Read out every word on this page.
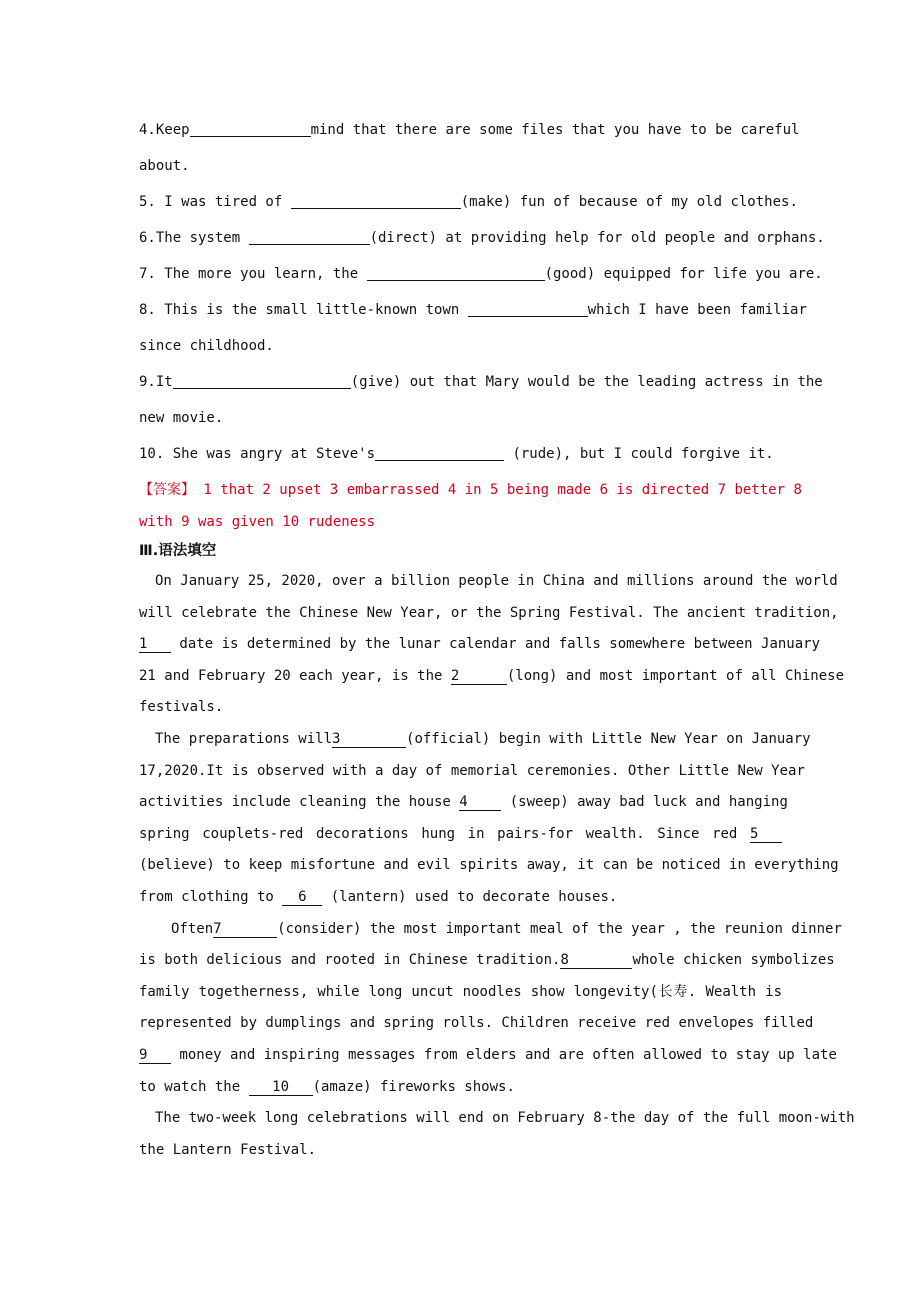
4.Keep	mind that there are some files that you have to be careful
about.
5. I was tired of	(make) fun of because of my old clothes.
6.The system	(direct) at providing help for old people and orphans.
7. The more you learn, the	(good) equipped for life you are.
8. This is the small little-known town	which I have been familiar
since childhood.
9.It	(give) out that Mary would be the leading actress in the
new movie.
10. She was angry at Steve's	(rude), but I could forgive it.
【答案】 1 that 2 upset 3 embarrassed 4 in 5 being made 6 is directed 7 better 8
with 9 was given 10 rudeness
Ⅲ.语法填空
On January 25, 2020, over a billion people in China and millions around the world
will celebrate the Chinese New Year, or the Spring Festival. The ancient tradition,
1 date is determined by the lunar calendar and falls somewhere between January
21 and February 20 each year, is the 2	(long) and most important of all Chinese
festivals.
The preparations will3	(official) begin with Little New Year on January
17,2020.It is observed with a day of memorial ceremonies. Other Little New Year
activities include cleaning the house 4 (sweep) away bad luck and hanging
spring couplets-red decorations hung in pairs-for wealth. Since red 5
(believe) to keep misfortune and evil spirits away, it can be noticed in everything
from clothing to 6 (lantern) used to decorate houses.
Often7	(consider) the most important meal of the year , the reunion dinner
is both delicious and rooted in Chinese tradition.8	whole chicken symbolizes
family togetherness, while long uncut noodles show longevity(长寿. Wealth is
represented by dumplings and spring rolls. Children receive red envelopes filled
9 money and inspiring messages from elders and are often allowed to stay up late
to watch the 10 (amaze) fireworks shows.
The two-week long celebrations will end on February 8-the day of the full moon-with
the Lantern Festival.
